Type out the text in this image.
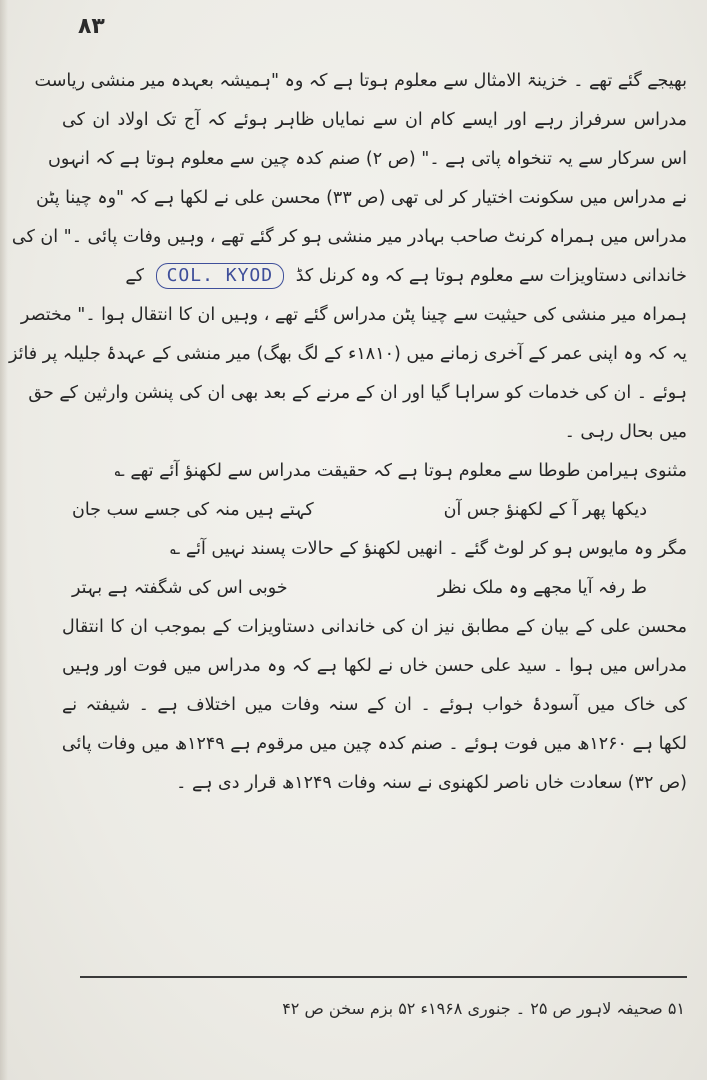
۸۳
بھیجے گئے تھے ۔ خزینۃ الامثال سے معلوم ہوتا ہے کہ وہ "ہمیشہ بعہدہ میر منشی ریاست
مدراس سرفراز رہے اور ایسے کام ان سے نمایاں ظاہر ہوئے کہ آج تک اولاد ان کی
اس سرکار سے یہ تنخواہ پاتی ہے ۔" (ص ۲) صنم کدہ چین سے معلوم ہوتا ہے کہ انہوں
نے مدراس میں سکونت اختیار کر لی تھی (ص ۳۳) محسن علی نے لکھا ہے کہ "وہ چینا پٹن
مدراس میں ہمراہ کرنٹ صاحب بہادر میر منشی ہو کر گئے تھے ، وہیں وفات پائی ۔" ان کی
خاندانی دستاویزات سے معلوم ہوتا ہے کہ وہ کرنل کڈ COL. KYOD کے
ہمراہ میر منشی کی حیثیت سے چینا پٹن مدراس گئے تھے ، وہیں ان کا انتقال ہوا ۔" مختصر
یہ کہ وہ اپنی عمر کے آخری زمانے میں (۱۸۱۰ء کے لگ بھگ) میر منشی کے عہدۂ جلیلہ پر فائز
ہوئے ۔ ان کی خدمات کو سراہا گیا اور ان کے مرنے کے بعد بھی ان کی پنشن وارثین کے حق
میں بحال رہی ۔
مثنوی ہیرامن طوطا سے معلوم ہوتا ہے کہ حقیقت مدراس سے لکھنؤ آئے تھے ؎
دیکھا پھر آ کے لکھنؤ جس آن
کہتے ہیں منہ کی جسے سب جان
مگر وہ مایوس ہو کر لوٹ گئے ۔ انھیں لکھنؤ کے حالات پسند نہیں آئے ؎
ط رفہ آیا مجھے وہ ملک نظر
خوبی اس کی شگفتہ ہے بہتر
محسن علی کے بیان کے مطابق نیز ان کی خاندانی دستاویزات کے بموجب ان کا انتقال
مدراس میں ہوا ۔ سید علی حسن خاں نے لکھا ہے کہ وہ مدراس میں فوت اور وہیں
کی خاک میں آسودۂ خواب ہوئے ۔ ان کے سنہ وفات میں اختلاف ہے ۔ شیفتہ نے
لکھا ہے ۱۲۶۰ھ میں فوت ہوئے ۔ صنم کدہ چین میں مرقوم ہے ۱۲۴۹ھ میں وفات پائی
(ص ۳۲) سعادت خاں ناصر لکھنوی نے سنہ وفات ۱۲۴۹ھ قرار دی ہے ۔
۵۱ صحیفہ لاہور ص ۲۵ ۔ جنوری ۱۹۶۸ء ۵۲ بزم سخن ص ۴۲
